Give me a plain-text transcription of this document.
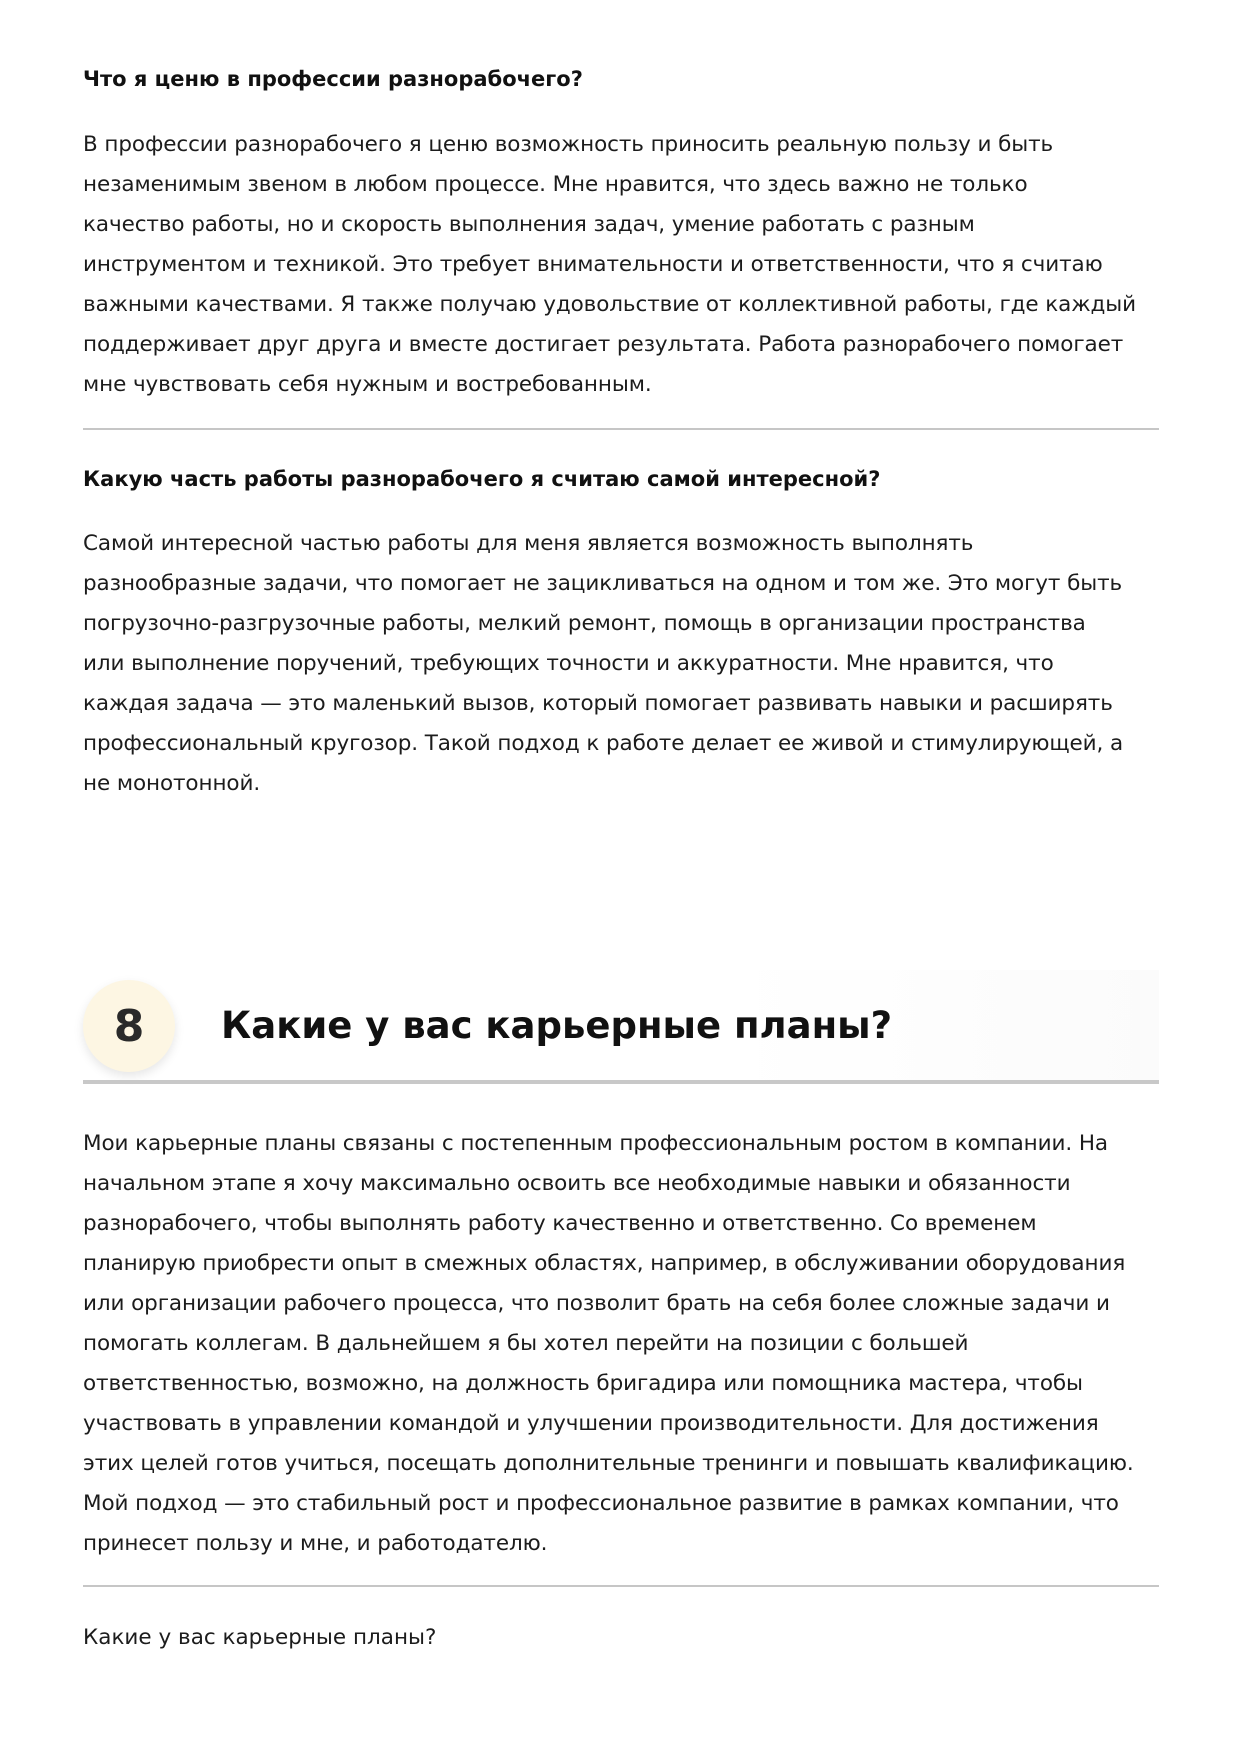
Что я ценю в профессии разнорабочего?
В профессии разнорабочего я ценю возможность приносить реальную пользу и быть
незаменимым звеном в любом процессе. Мне нравится, что здесь важно не только
качество работы, но и скорость выполнения задач, умение работать с разным
инструментом и техникой. Это требует внимательности и ответственности, что я считаю
важными качествами. Я также получаю удовольствие от коллективной работы, где каждый
поддерживает друг друга и вместе достигает результата. Работа разнорабочего помогает
мне чувствовать себя нужным и востребованным.
Какую часть работы разнорабочего я считаю самой интересной?
Самой интересной частью работы для меня является возможность выполнять
разнообразные задачи, что помогает не зацикливаться на одном и том же. Это могут быть
погрузочно-разгрузочные работы, мелкий ремонт, помощь в организации пространства
или выполнение поручений, требующих точности и аккуратности. Мне нравится, что
каждая задача — это маленький вызов, который помогает развивать навыки и расширять
профессиональный кругозор. Такой подход к работе делает ее живой и стимулирующей, а
не монотонной.
8	Какие у вас карьерные планы?
Мои карьерные планы связаны с постепенным профессиональным ростом в компании. На
начальном этапе я хочу максимально освоить все необходимые навыки и обязанности
разнорабочего, чтобы выполнять работу качественно и ответственно. Со временем
планирую приобрести опыт в смежных областях, например, в обслуживании оборудования
или организации рабочего процесса, что позволит брать на себя более сложные задачи и
помогать коллегам. В дальнейшем я бы хотел перейти на позиции с большей
ответственностью, возможно, на должность бригадира или помощника мастера, чтобы
участвовать в управлении командой и улучшении производительности. Для достижения
этих целей готов учиться, посещать дополнительные тренинги и повышать квалификацию.
Мой подход — это стабильный рост и профессиональное развитие в рамках компании, что
принесет пользу и мне, и работодателю.

Какие у вас карьерные планы?
